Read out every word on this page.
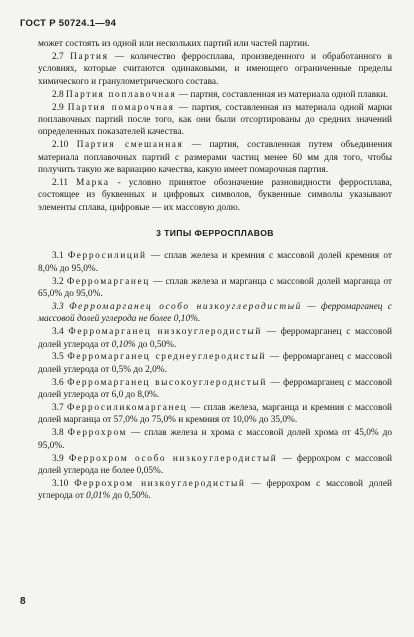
ГОСТ Р 50724.1—94

может состоять из одной или нескольких партий или частей партии.

2.7 Партия — количество ферросплава, произведенного и обработанного в условиях, которые считаются одинаковыми, и имеющего ограниченные пределы химического и гранулометрического состава.

2.8 Партия поплавочная — партия, составленная из материала одной плавки.

2.9 Партия помарочная — партия, составленная из материала одной марки поплавочных партий после того, как они были отсортированы до средних значений определенных показателей качества.

2.10 Партия смешанная — партия, составленная путем объединения материала поплавочных партий с размерами частиц менее 60 мм для того, чтобы получить такую же вариацию качества, какую имеет помарочная партия.

2.11 Марка - условно принятое обозначение разновидности ферросплава, состоящее из буквенных и цифровых символов, буквенные символы указывают элементы сплава, цифровые — их массовую долю.

3 ТИПЫ ФЕРРОСПЛАВОВ

3.1 Ферросилиций — сплав железа и кремния с массовой долей кремния от 8,0% до 95,0%.

3.2 Ферромарганец — сплав железа и марганца с массовой долей марганца от 65,0% до 95,0%.

3.3 Ферромарганец особо низкоуглеродистый — ферромарганец с массовой долей углерода не более 0,10%.

3.4 Ферромарганец низкоуглеродистый — ферромарганец с массовой долей углерода от 0,10% до 0,50%.

3.5 Ферромарганец среднеуглеродистый — ферромарганец с массовой долей углерода от 0,5% до 2,0%.

3.6 Ферромарганец высокоуглеродистый — ферромарганец с массовой долей углерода от 6,0 до 8,0%.

3.7 Ферросиликомарганец — сплав железа, марганца и кремния с массовой долей марганца от 57,0% до 75,0% и кремния от 10,0% до 35,0%.

3.8 Феррохром — сплав железа и хрома с массовой долей хрома от 45,0% до 95,0%.

3.9 Феррохром особо низкоуглеродистый — феррохром с массовой долей углерода не более 0,05%.

3.10 Феррохром низкоуглеродистый — феррохром с массовой долей углерода от 0,01% до 0,50%.

8
